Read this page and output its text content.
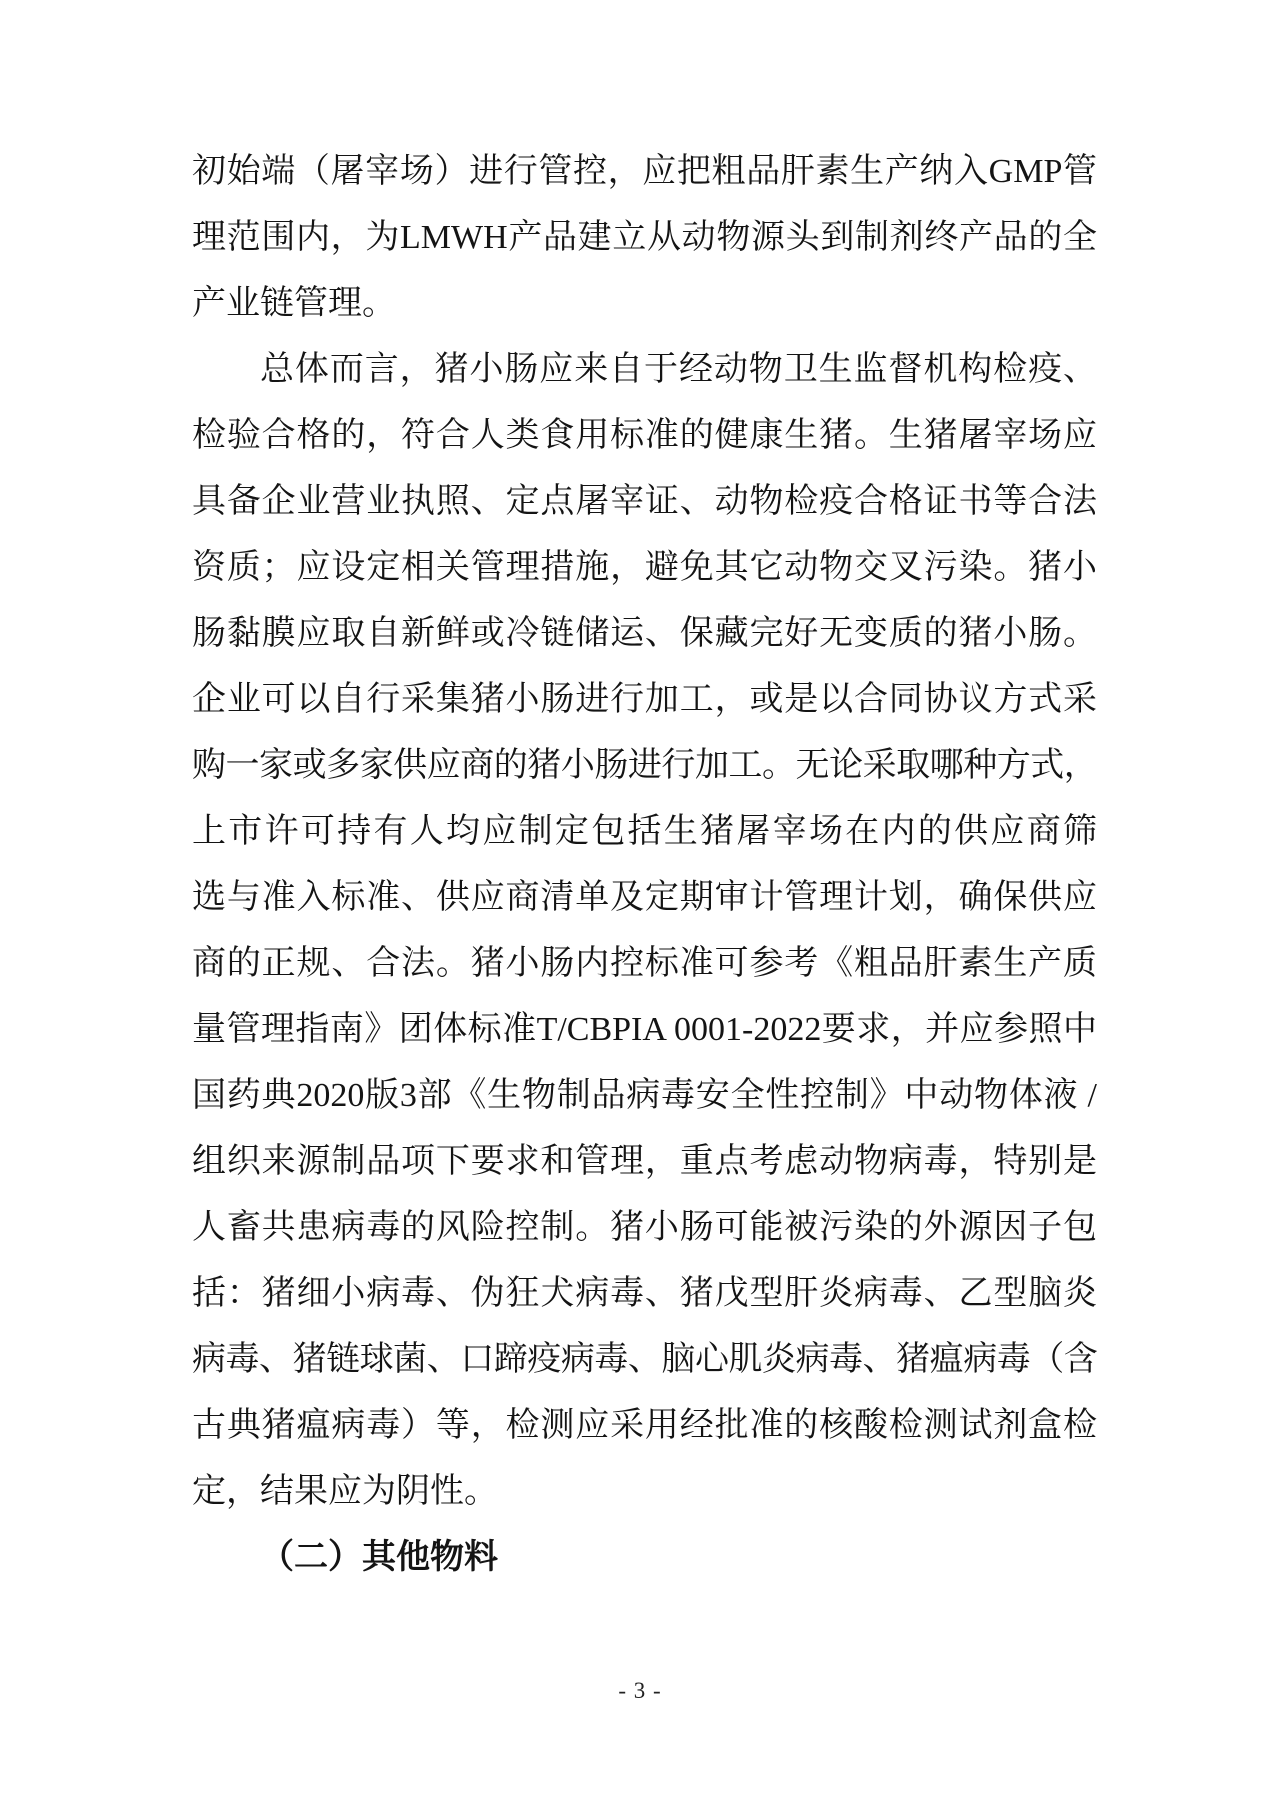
初始端（屠宰场）进行管控，应把粗品肝素生产纳入GMP管
理范围内，为LMWH产品建立从动物源头到制剂终产品的全
产业链管理。
总体而言，猪小肠应来自于经动物卫生监督机构检疫、
检验合格的，符合人类食用标准的健康生猪。生猪屠宰场应
具备企业营业执照、定点屠宰证、动物检疫合格证书等合法
资质；应设定相关管理措施，避免其它动物交叉污染。猪小
肠黏膜应取自新鲜或冷链储运、保藏完好无变质的猪小肠。
企业可以自行采集猪小肠进行加工，或是以合同协议方式采
购一家或多家供应商的猪小肠进行加工。无论采取哪种方式，
上市许可持有人均应制定包括生猪屠宰场在内的供应商筛
选与准入标准、供应商清单及定期审计管理计划，确保供应
商的正规、合法。猪小肠内控标准可参考《粗品肝素生产质
量管理指南》团体标准T/CBPIA 0001-2022要求，并应参照中
国药典2020版3部《生物制品病毒安全性控制》中动物体液 /
组织来源制品项下要求和管理，重点考虑动物病毒，特别是
人畜共患病毒的风险控制。猪小肠可能被污染的外源因子包
括：猪细小病毒、伪狂犬病毒、猪戊型肝炎病毒、乙型脑炎
病毒、猪链球菌、口蹄疫病毒、脑心肌炎病毒、猪瘟病毒（含
古典猪瘟病毒）等，检测应采用经批准的核酸检测试剂盒检
定，结果应为阴性。
（二）其他物料
- 3 -
